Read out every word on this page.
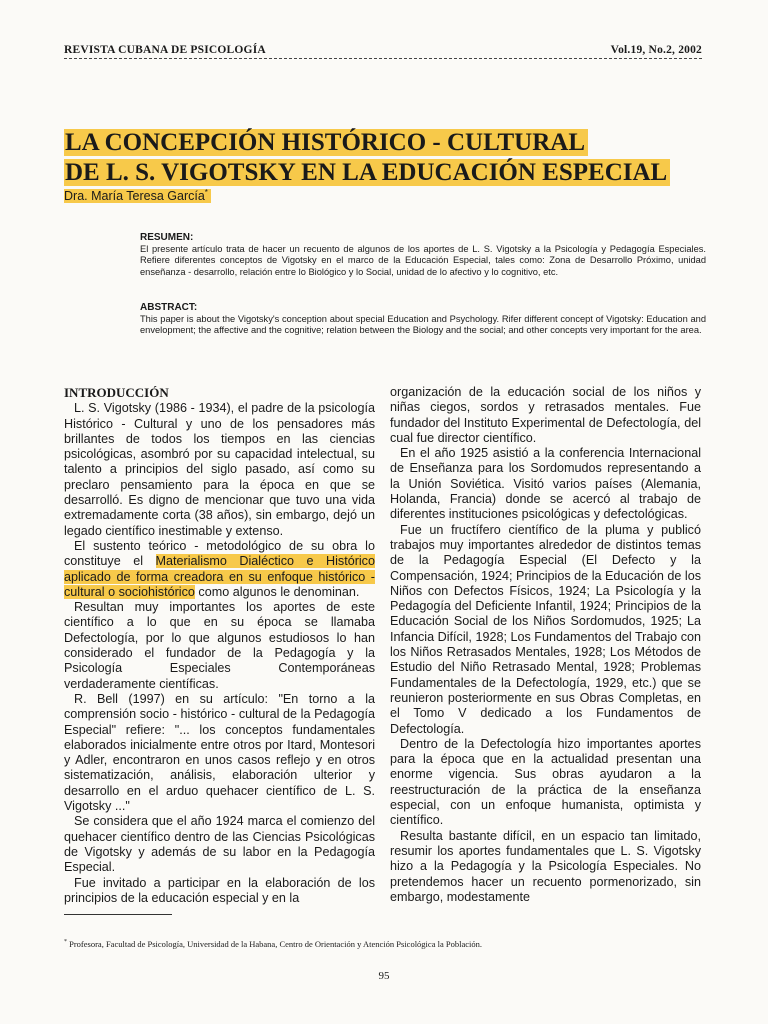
REVISTA CUBANA DE PSICOLOGÍA	Vol.19, No.2, 2002
LA CONCEPCIÓN HISTÓRICO - CULTURAL
DE L. S. VIGOTSKY EN LA EDUCACIÓN ESPECIAL
Dra. María Teresa García*
RESUMEN:

El presente artículo trata de hacer un recuento de algunos de los aportes de L. S. Vigotsky a la Psicología y Pedagogía Especiales. Refiere diferentes conceptos de Vigotsky en el marco de la Educación Especial, tales como: Zona de Desarrollo Próximo, unidad enseñanza - desarrollo, relación entre lo Biológico y lo Social, unidad de lo afectivo y lo cognitivo, etc.

ABSTRACT:

This paper is about the Vigotsky's conception about special Education and Psychology. Rifer different concept of Vigotsky: Education and envelopment; the affective and the cognitive; relation between the Biology and the social; and other concepts very important for the area.

INTRODUCCIÓN

L. S. Vigotsky (1986 - 1934), el padre de la psicología Histórico - Cultural y uno de los pensadores más brillantes de todos los tiempos en las ciencias psicológicas, asombró por su capacidad intelectual, su talento a principios del siglo pasado, así como su preclaro pensamiento para la época en que se desarrolló. Es digno de mencionar que tuvo una vida extremadamente corta (38 años), sin embargo, dejó un legado científico inestimable y extenso.

El sustento teórico - metodológico de su obra lo constituye el Materialismo Dialéctico e Histórico aplicado de forma creadora en su enfoque histórico - cultural o sociohistórico como algunos le denominan.

Resultan muy importantes los aportes de este científico a lo que en su época se llamaba Defectología, por lo que algunos estudiosos lo han considerado el fundador de la Pedagogía y la Psicología Especiales Contemporáneas verdaderamente científicas.

R. Bell (1997) en su artículo: "En torno a la comprensión socio - histórico - cultural de la Pedagogía Especial" refiere: "... los conceptos fundamentales elaborados inicialmente entre otros por Itard, Montesori y Adler, encontraron en unos casos reflejo y en otros sistematización, análisis, elaboración ulterior y desarrollo en el arduo quehacer científico de L. S. Vigotsky ..."

Se considera que el año 1924 marca el comienzo del quehacer científico dentro de las Ciencias Psicológicas de Vigotsky y además de su labor en la Pedagogía Especial.

Fue invitado a participar en la elaboración de los principios de la educación especial y en la

organización de la educación social de los niños y niñas ciegos, sordos y retrasados mentales. Fue fundador del Instituto Experimental de Defectología, del cual fue director científico.

En el año 1925 asistió a la conferencia Internacional de Enseñanza para los Sordomudos representando a la Unión Soviética. Visitó varios países (Alemania, Holanda, Francia) donde se acercó al trabajo de diferentes instituciones psicológicas y defectológicas.

Fue un fructífero científico de la pluma y publicó trabajos muy importantes alrededor de distintos temas de la Pedagogía Especial (El Defecto y la Compensación, 1924; Principios de la Educación de los Niños con Defectos Físicos, 1924; La Psicología y la Pedagogía del Deficiente Infantil, 1924; Principios de la Educación Social de los Niños Sordomudos, 1925; La Infancia Difícil, 1928; Los Fundamentos del Trabajo con los Niños Retrasados Mentales, 1928; Los Métodos de Estudio del Niño Retrasado Mental, 1928; Problemas Fundamentales de la Defectología, 1929, etc.) que se reunieron posteriormente en sus Obras Completas, en el Tomo V dedicado a los Fundamentos de Defectología.

Dentro de la Defectología hizo importantes aportes para la época que en la actualidad presentan una enorme vigencia. Sus obras ayudaron a la reestructuración de la práctica de la enseñanza especial, con un enfoque humanista, optimista y científico.

Resulta bastante difícil, en un espacio tan limitado, resumir los aportes fundamentales que L. S. Vigotsky hizo a la Pedagogía y la Psicología Especiales. No pretendemos hacer un recuento pormenorizado, sin embargo, modestamente

* Profesora, Facultad de Psicología, Universidad de la Habana, Centro de Orientación y Atención Psicológica la Población.
95
